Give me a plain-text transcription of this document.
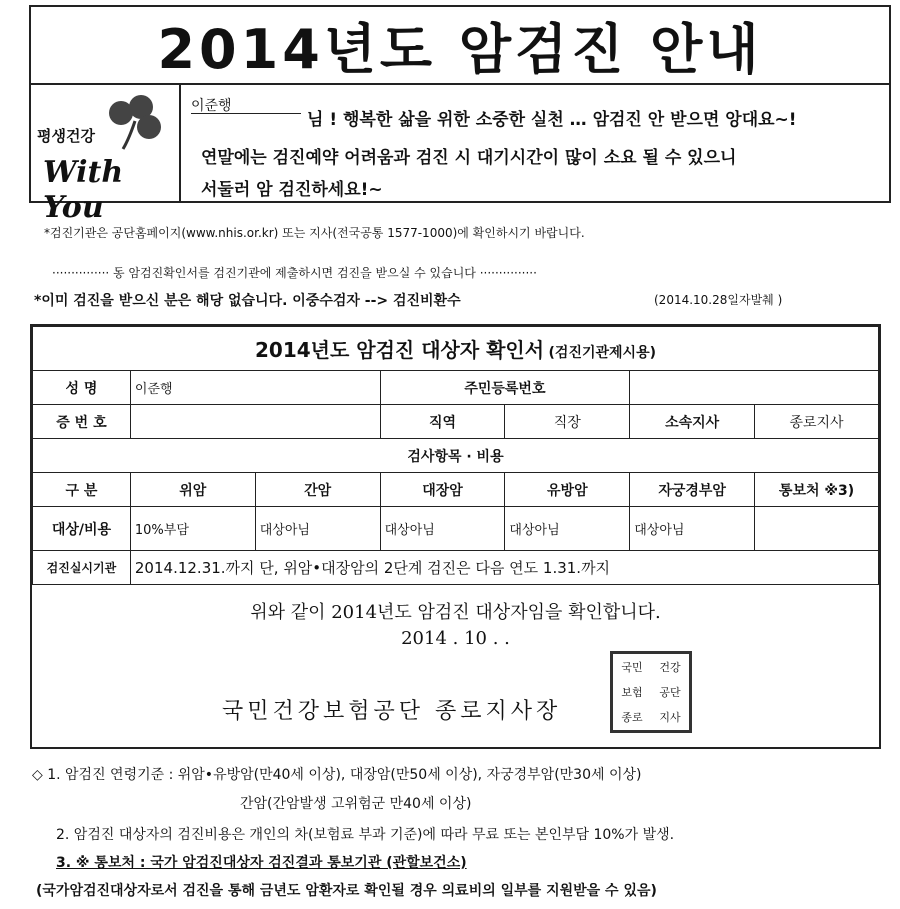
2014년도 암검진 안내
평생건강
With You
이준행
님 ! 행복한 삶을 위한 소중한 실천 … 암검진 안 받으면 앙대요~!
연말에는 검진예약 어려움과 검진 시 대기시간이 많이 소요 될 수 있으니
서둘러 암 검진하세요!~
*검진기관은 공단홈페이지(www.nhis.or.kr) 또는 지사(전국공통 1577-1000)에 확인하시기 바랍니다.
··············· 동 암검진확인서를 검진기관에 제출하시면 검진을 받으실 수 있습니다 ···············
*이미 검진을 받으신 분은 해당 없습니다. 이중수검자 --> 검진비환수	(2014.10.28일자발췌 )
2014년도 암검진 대상자 확인서 (검진기관제시용)						
성 명	이준행		주민등록번호			
증 번 호			직역	직장	소속지사	종로지사
검사항목 · 비용						
구 분	위암	간암	대장암	유방암	자궁경부암	통보처 ※3)
대상/비용	10%부담	대상아님	대상아님	대상아님	대상아님	
검진실시기관	2014.12.31.까지 단, 위암•대장암의 2단계 검진은 다음 연도 1.31.까지					
위와 같이 2014년도 암검진 대상자임을 확인합니다.
2014 . 10 . .
국민건강보험공단 종로지사장
국민	건강
보험	공단
종로	지사
◇ 1. 암검진 연령기준 : 위암•유방암(만40세 이상), 대장암(만50세 이상), 자궁경부암(만30세 이상)
간암(간암발생 고위험군 만40세 이상)
2. 암검진 대상자의 검진비용은 개인의 차(보험료 부과 기준)에 따라 무료 또는 본인부담 10%가 발생.
3. ※ 통보처 : 국가 암검진대상자 검진결과 통보기관 (관할보건소)
(국가암검진대상자로서 검진을 통해 금년도 암환자로 확인될 경우 의료비의 일부를 지원받을 수 있음)
